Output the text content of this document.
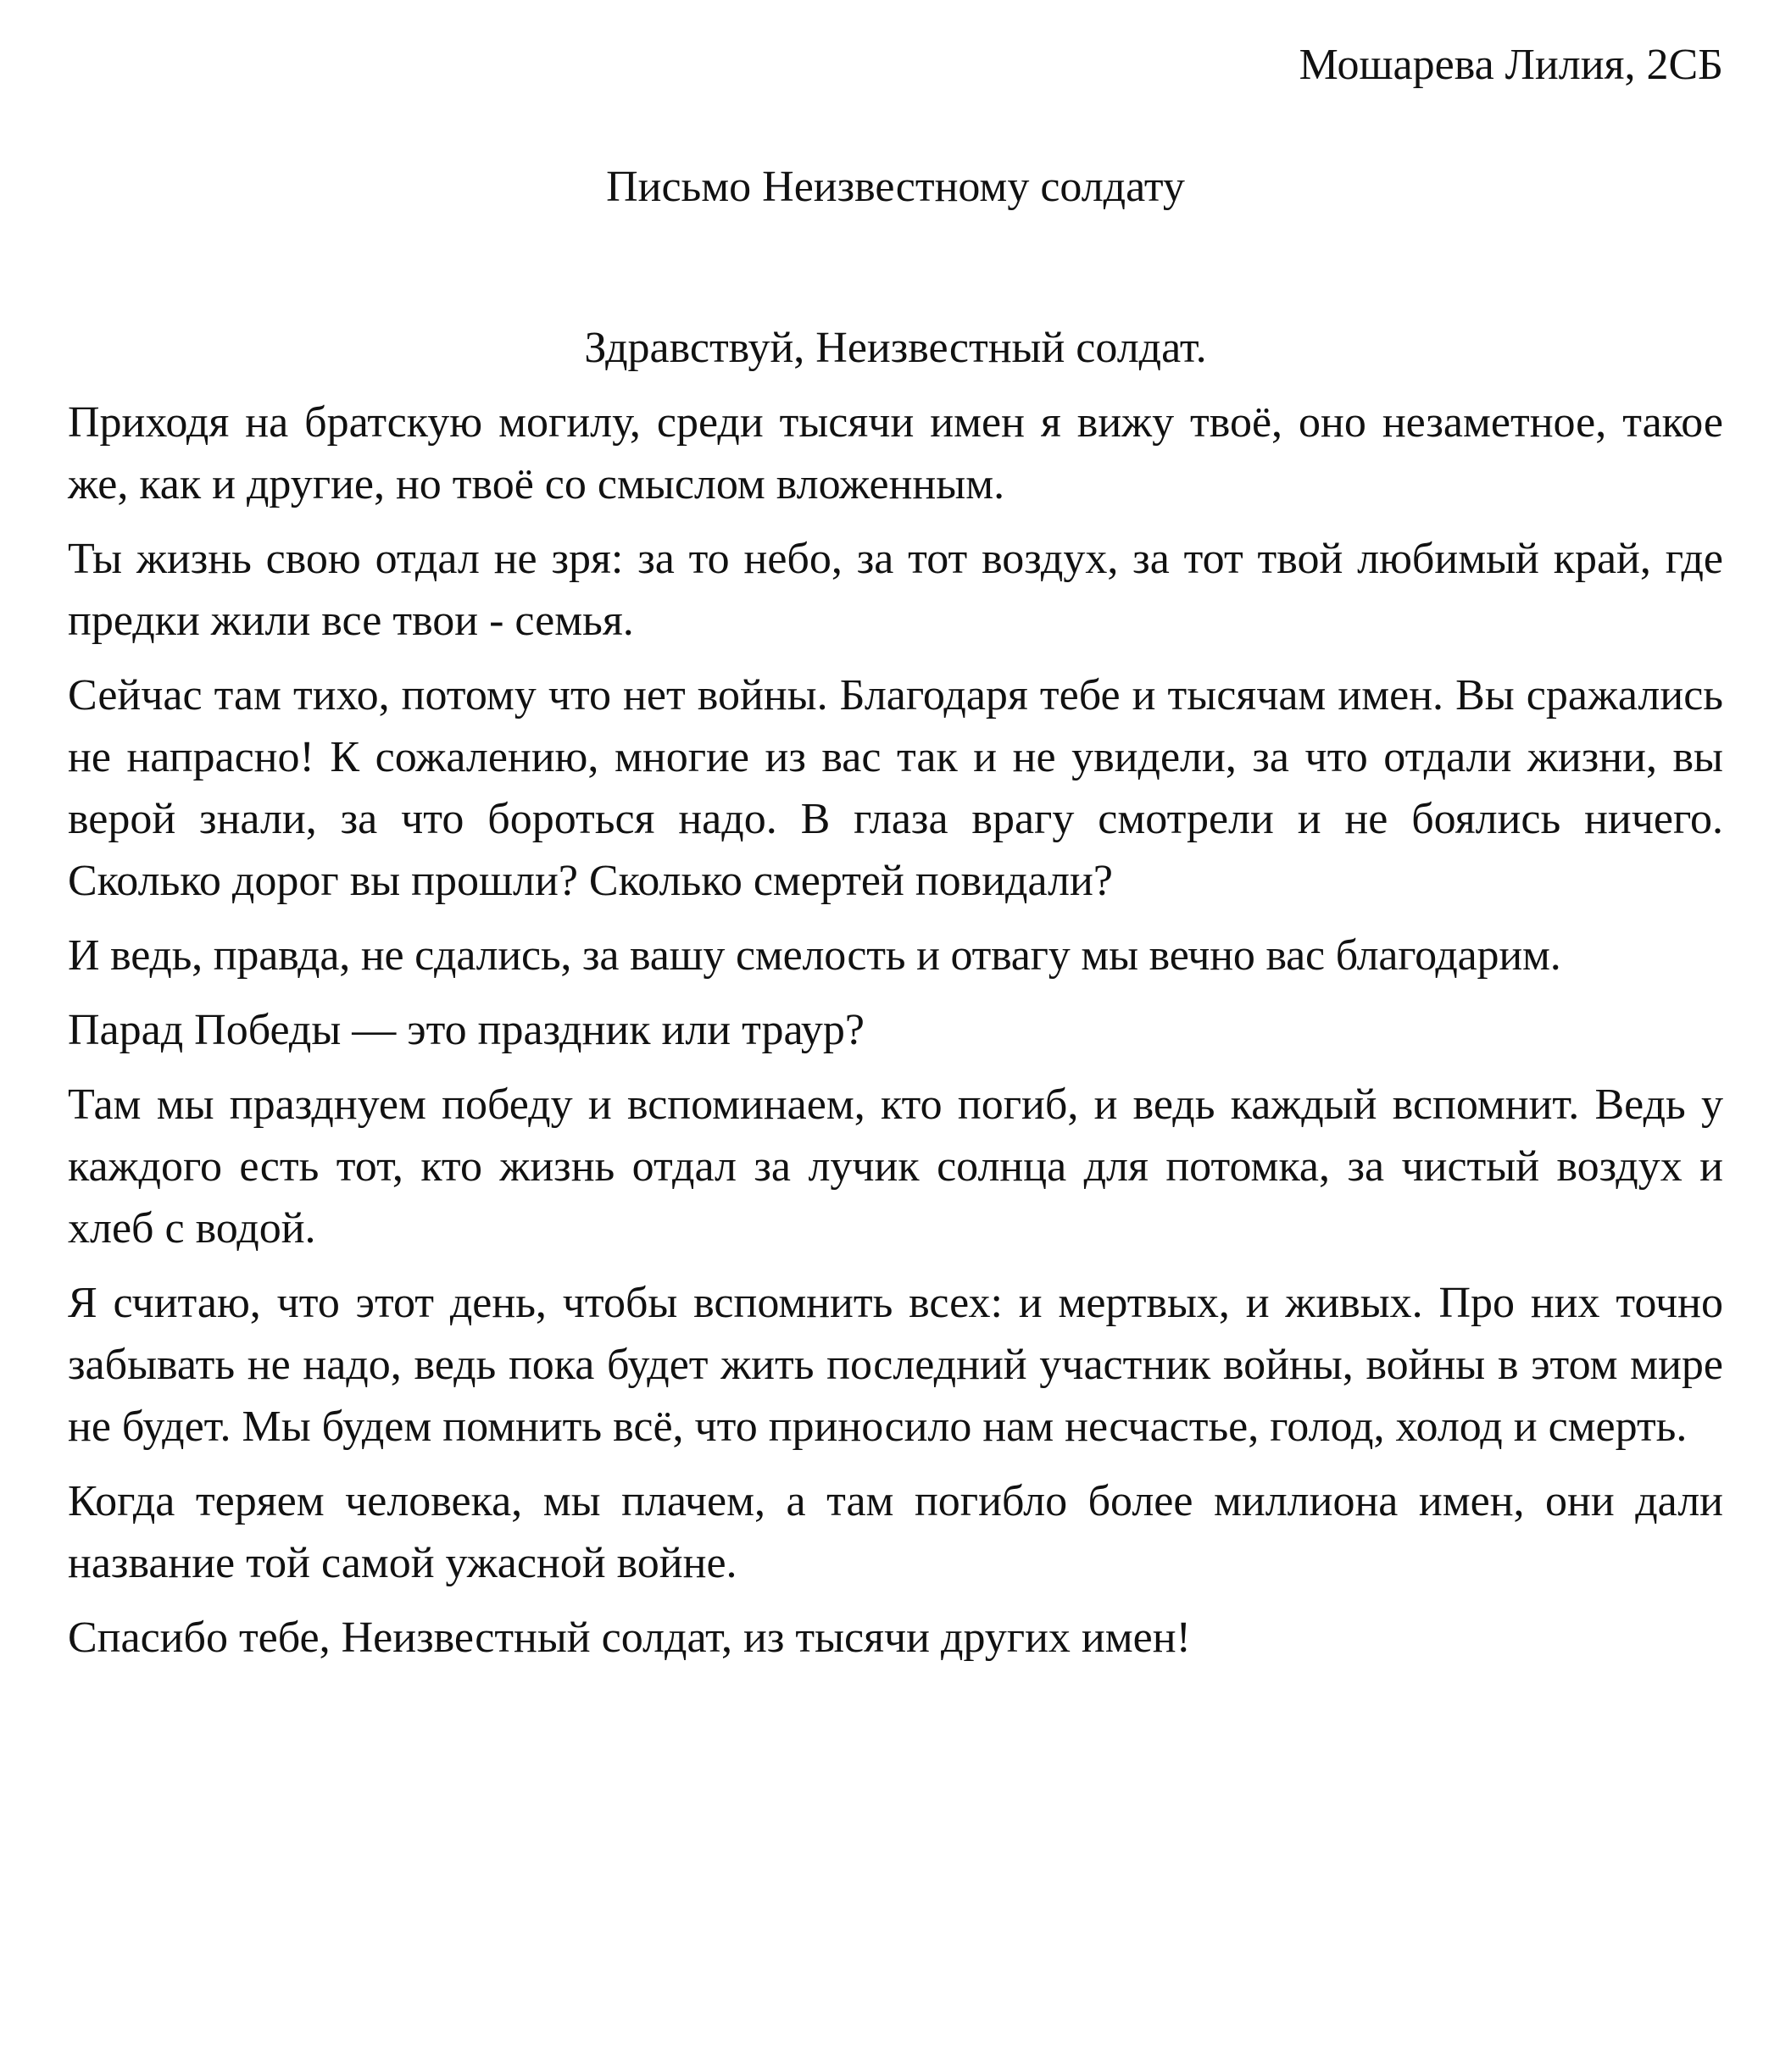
Мошарева Лилия, 2СБ

Письмо Неизвестному солдату

Здравствуй, Неизвестный солдат.

Приходя на братскую могилу, среди тысячи имен я вижу твоё, оно незаметное, такое же, как и другие, но твоё со смыслом вложенным.

Ты жизнь свою отдал не зря: за то небо, за тот воздух, за тот твой любимый край, где предки жили все твои - семья.

Сейчас там тихо, потому что нет войны. Благодаря тебе и тысячам имен. Вы сражались не напрасно! К сожалению, многие из вас так и не увидели, за что отдали жизни, вы верой знали, за что бороться надо. В глаза врагу смотрели и не боялись ничего. Сколько дорог вы прошли? Сколько смертей повидали?

И ведь, правда, не сдались, за вашу смелость и отвагу мы вечно вас благодарим.

Парад Победы — это праздник или траур?

Там мы празднуем победу и вспоминаем, кто погиб, и ведь каждый вспомнит. Ведь у каждого есть тот, кто жизнь отдал за лучик солнца для потомка, за чистый воздух и хлеб с водой.

Я считаю, что этот день, чтобы вспомнить всех: и мертвых, и живых. Про них точно забывать не надо, ведь пока будет жить последний участник войны, войны в этом мире не будет. Мы будем помнить всё, что приносило нам несчастье, голод, холод и смерть.

Когда теряем человека, мы плачем, а там погибло более миллиона имен, они дали название той самой ужасной войне.

Спасибо тебе, Неизвестный солдат, из тысячи других имен!
